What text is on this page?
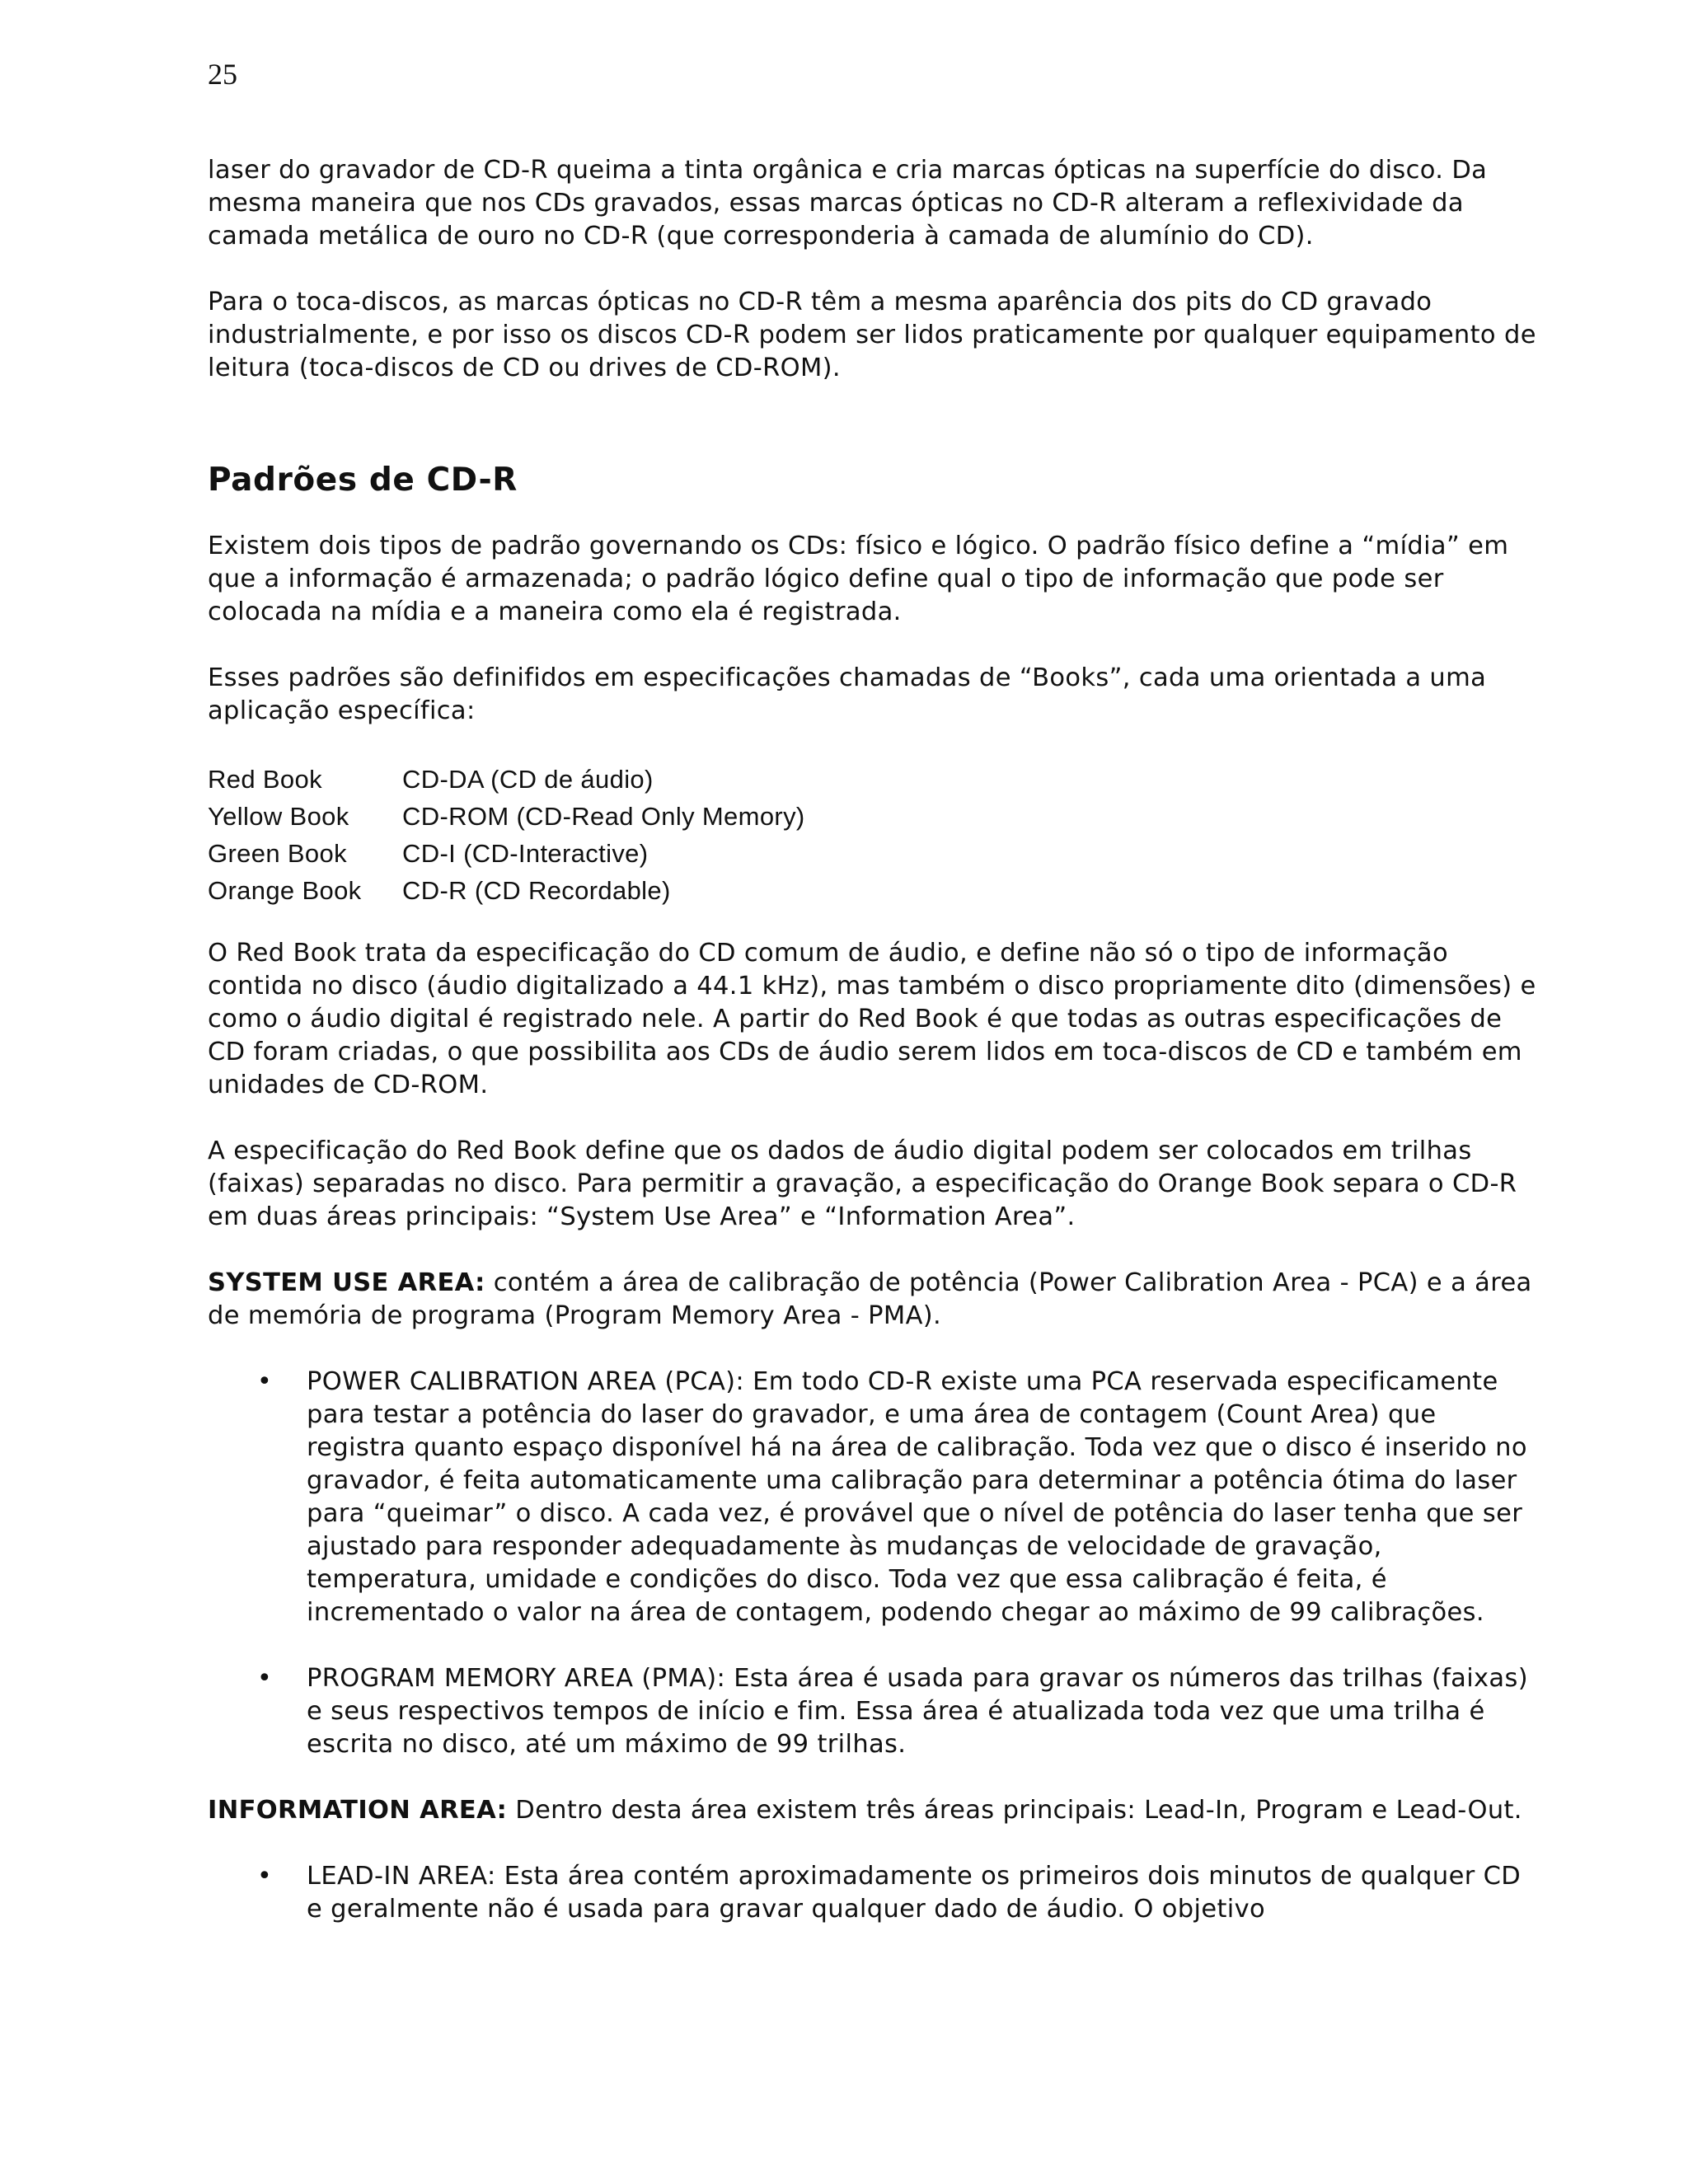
25

laser do gravador de CD-R queima a tinta orgânica e cria marcas ópticas na superfície do disco. Da mesma maneira que nos CDs gravados, essas marcas ópticas no CD-R alteram a reflexividade da camada metálica de ouro no CD-R (que corresponderia à camada de alumínio do CD).

Para o toca-discos, as marcas ópticas no CD-R têm a mesma aparência dos pits do CD gravado industrialmente, e por isso os discos CD-R podem ser lidos praticamente por qualquer equipamento de leitura (toca-discos de CD ou drives de CD-ROM).

Padrões de CD-R

Existem dois tipos de padrão governando os CDs: físico e lógico. O padrão físico define a “mídia” em que a informação é armazenada; o padrão lógico define qual o tipo de informação que pode ser colocada na mídia e a maneira como ela é registrada.

Esses padrões são definifidos em especificações chamadas de “Books”, cada uma orientada a uma aplicação específica:

Red Book	CD-DA (CD de áudio)
Yellow Book	CD-ROM (CD-Read Only Memory)
Green Book	CD-I (CD-Interactive)
Orange Book	CD-R (CD Recordable)

O Red Book trata da especificação do CD comum de áudio, e define não só o tipo de informação contida no disco (áudio digitalizado a 44.1 kHz), mas também o disco propriamente dito (dimensões) e como o áudio digital é registrado nele. A partir do Red Book é que todas as outras especificações de CD foram criadas, o que possibilita aos CDs de áudio serem lidos em toca-discos de CD e também em unidades de CD-ROM.

A especificação do Red Book define que os dados de áudio digital podem ser colocados em trilhas (faixas) separadas no disco. Para permitir a gravação, a especificação do Orange Book separa o CD-R em duas áreas principais: “System Use Area” e “Information Area”.

SYSTEM USE AREA: contém a área de calibração de potência (Power Calibration Area - PCA) e a área de memória de programa (Program Memory Area - PMA).

• POWER CALIBRATION AREA (PCA): Em todo CD-R existe uma PCA reservada especificamente para testar a potência do laser do gravador, e uma área de contagem (Count Area) que registra quanto espaço disponível há na área de calibração. Toda vez que o disco é inserido no gravador, é feita automaticamente uma calibração para determinar a potência ótima do laser para “queimar” o disco. A cada vez, é provável que o nível de potência do laser tenha que ser ajustado para responder adequadamente às mudanças de velocidade de gravação, temperatura, umidade e condições do disco. Toda vez que essa calibração é feita, é incrementado o valor na área de contagem, podendo chegar ao máximo de 99 calibrações.
• PROGRAM MEMORY AREA (PMA): Esta área é usada para gravar os números das trilhas (faixas) e seus respectivos tempos de início e fim. Essa área é atualizada toda vez que uma trilha é escrita no disco, até um máximo de 99 trilhas.

INFORMATION AREA: Dentro desta área existem três áreas principais: Lead-In, Program e Lead-Out.

• LEAD-IN AREA: Esta área contém aproximadamente os primeiros dois minutos de qualquer CD e geralmente não é usada para gravar qualquer dado de áudio. O objetivo
